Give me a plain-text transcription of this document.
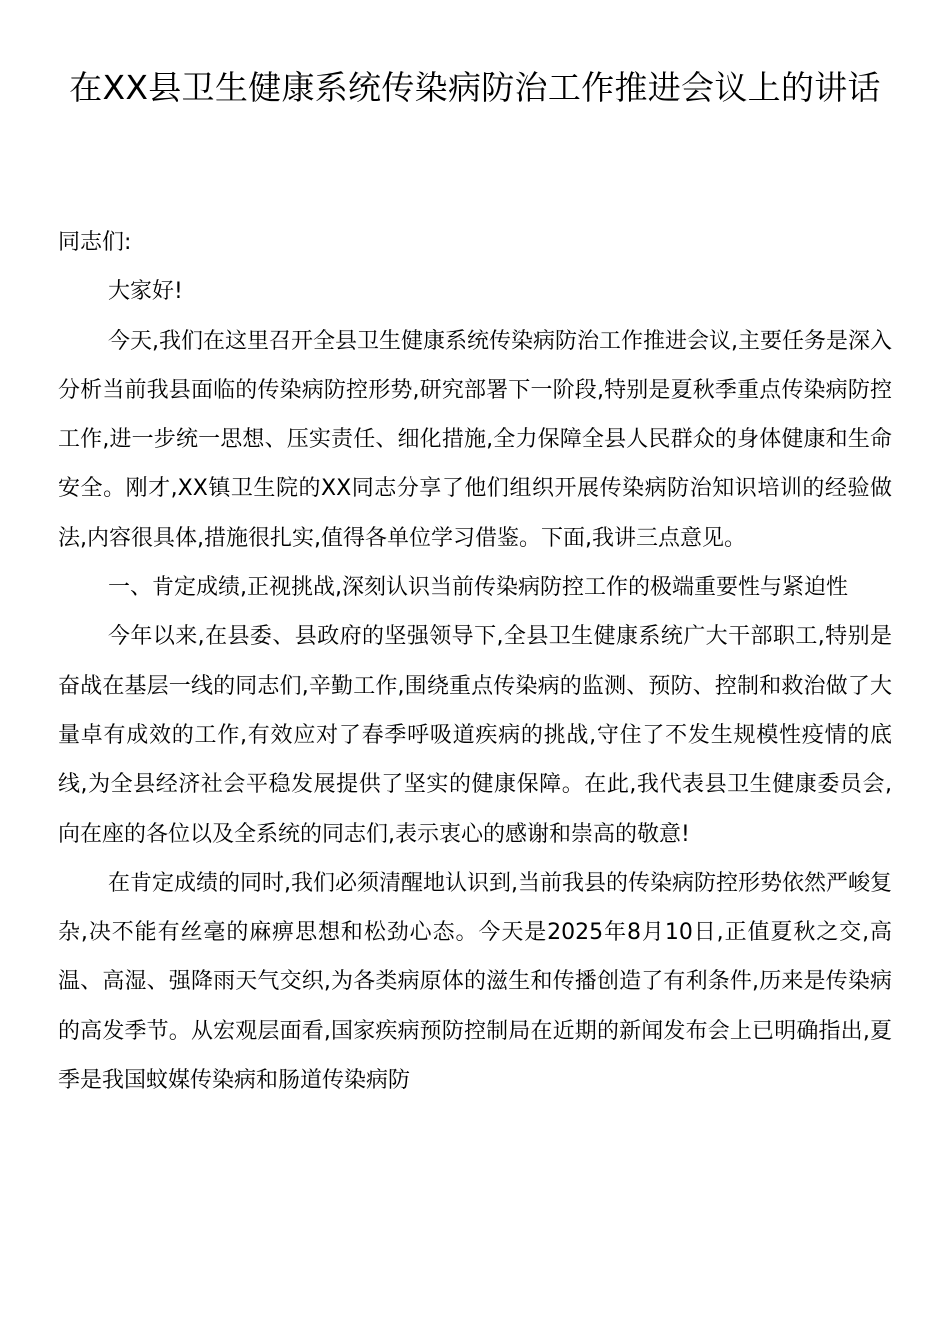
在XX县卫生健康系统传染病防治工作推进会议上的讲话

同志们:

大家好!

今天,我们在这里召开全县卫生健康系统传染病防治工作推进会议,主要任务是深入分析当前我县面临的传染病防控形势,研究部署下一阶段,特别是夏秋季重点传染病防控工作,进一步统一思想、压实责任、细化措施,全力保障全县人民群众的身体健康和生命安全。刚才,XX镇卫生院的XX同志分享了他们组织开展传染病防治知识培训的经验做法,内容很具体,措施很扎实,值得各单位学习借鉴。下面,我讲三点意见。

一、肯定成绩,正视挑战,深刻认识当前传染病防控工作的极端重要性与紧迫性

今年以来,在县委、县政府的坚强领导下,全县卫生健康系统广大干部职工,特别是奋战在基层一线的同志们,辛勤工作,围绕重点传染病的监测、预防、控制和救治做了大量卓有成效的工作,有效应对了春季呼吸道疾病的挑战,守住了不发生规模性疫情的底线,为全县经济社会平稳发展提供了坚实的健康保障。在此,我代表县卫生健康委员会,向在座的各位以及全系统的同志们,表示衷心的感谢和崇高的敬意!

在肯定成绩的同时,我们必须清醒地认识到,当前我县的传染病防控形势依然严峻复杂,决不能有丝毫的麻痹思想和松劲心态。今天是2025年8月10日,正值夏秋之交,高温、高湿、强降雨天气交织,为各类病原体的滋生和传播创造了有利条件,历来是传染病的高发季节。从宏观层面看,国家疾病预防控制局在近期的新闻发布会上已明确指出,夏季是我国蚊媒传染病和肠道传染病防
